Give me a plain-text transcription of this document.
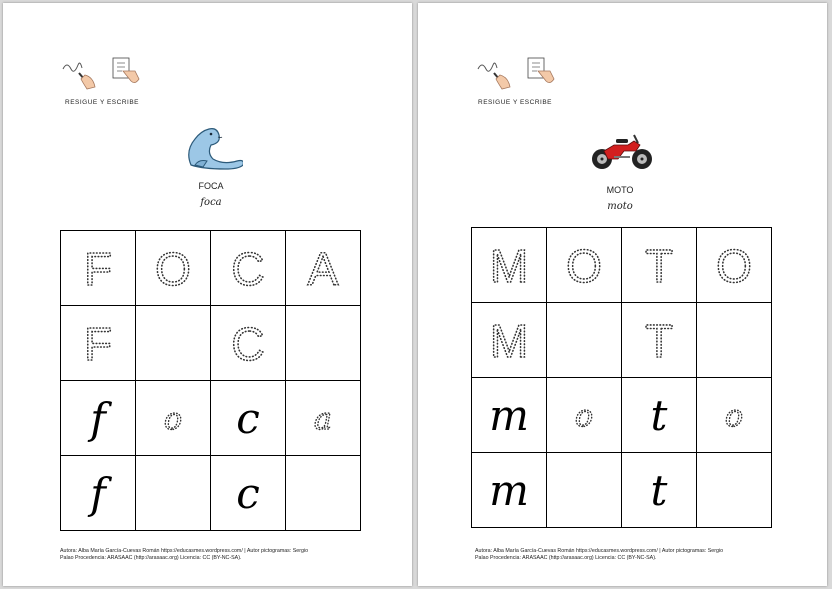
RESIGUE Y ESCRIBE
FOCA
foca
F	O	C	A

F		C	

f	o	c	a

f		c	

Autora: Alba María García-Cuevas Román https://educasmes.wordpress.com/ | Autor pictogramas: Sergio
Palao Procedencia: ARASAAC (http://arasaac.org) Licencia: CC (BY-NC-SA).
RESIGUE Y ESCRIBE
MOTO
moto
M	O	T	O

M		T	

m	o	t	o

m		t	

Autora: Alba María García-Cuevas Román https://educasmes.wordpress.com/ | Autor pictogramas: Sergio
Palao Procedencia: ARASAAC (http://arasaac.org) Licencia: CC (BY-NC-SA).
